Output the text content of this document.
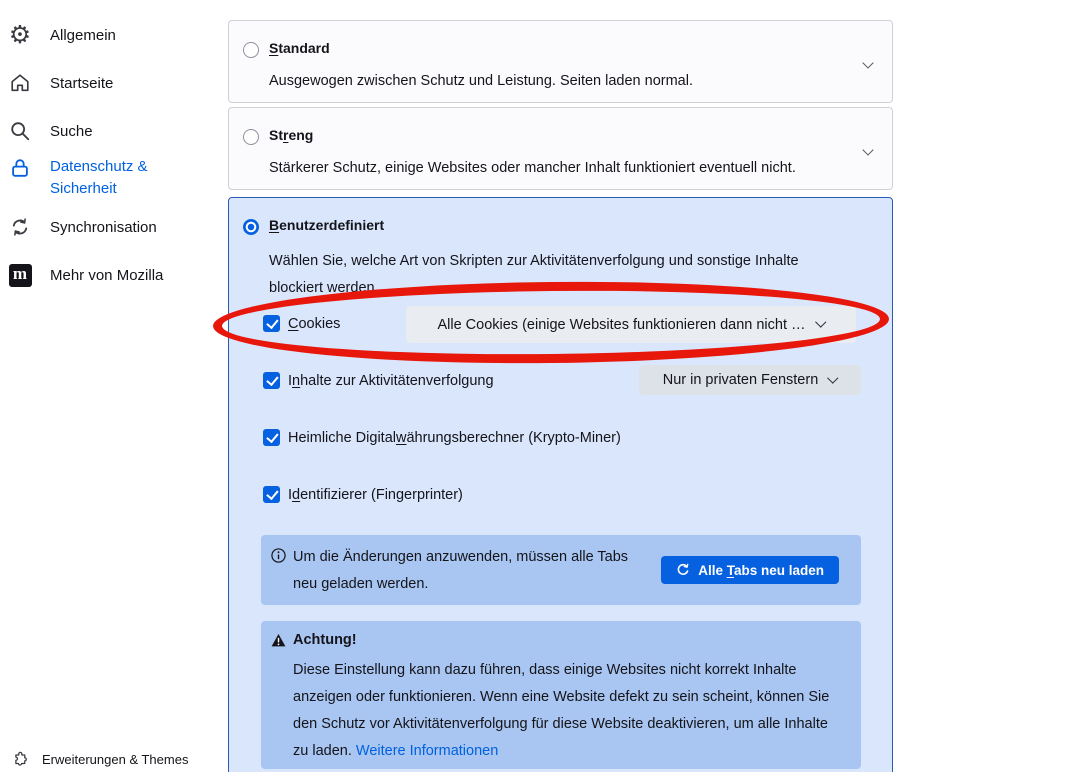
⚙ Allgemein
Startseite
Suche
Datenschutz &
Sicherheit
Synchronisation
m Mehr von Mozilla
Erweiterungen & Themes
Standard

Ausgewogen zwischen Schutz und Leistung. Seiten laden normal.

Streng

Stärkerer Schutz, einige Websites oder mancher Inhalt funktioniert eventuell nicht.

Benutzerdefiniert

Wählen Sie, welche Art von Skripten zur Aktivitätenverfolgung und sonstige Inhalte blockiert werden.

Cookies	Alle Cookies (einige Websites funktionieren dann nicht …
Inhalte zur Aktivitätenverfolgung	Nur in privaten Fenstern
Heimliche Digitalwährungsberechner (Krypto-Miner)
Identifizierer (Fingerprinter)

Um die Änderungen anzuwenden, müssen alle Tabs neu geladen werden.

Alle Tabs neu laden

Achtung!

Diese Einstellung kann dazu führen, dass einige Websites nicht korrekt Inhalte anzeigen oder funktionieren. Wenn eine Website defekt zu sein scheint, können Sie den Schutz vor Aktivitätenverfolgung für diese Website deaktivieren, um alle Inhalte zu laden. Weitere Informationen
